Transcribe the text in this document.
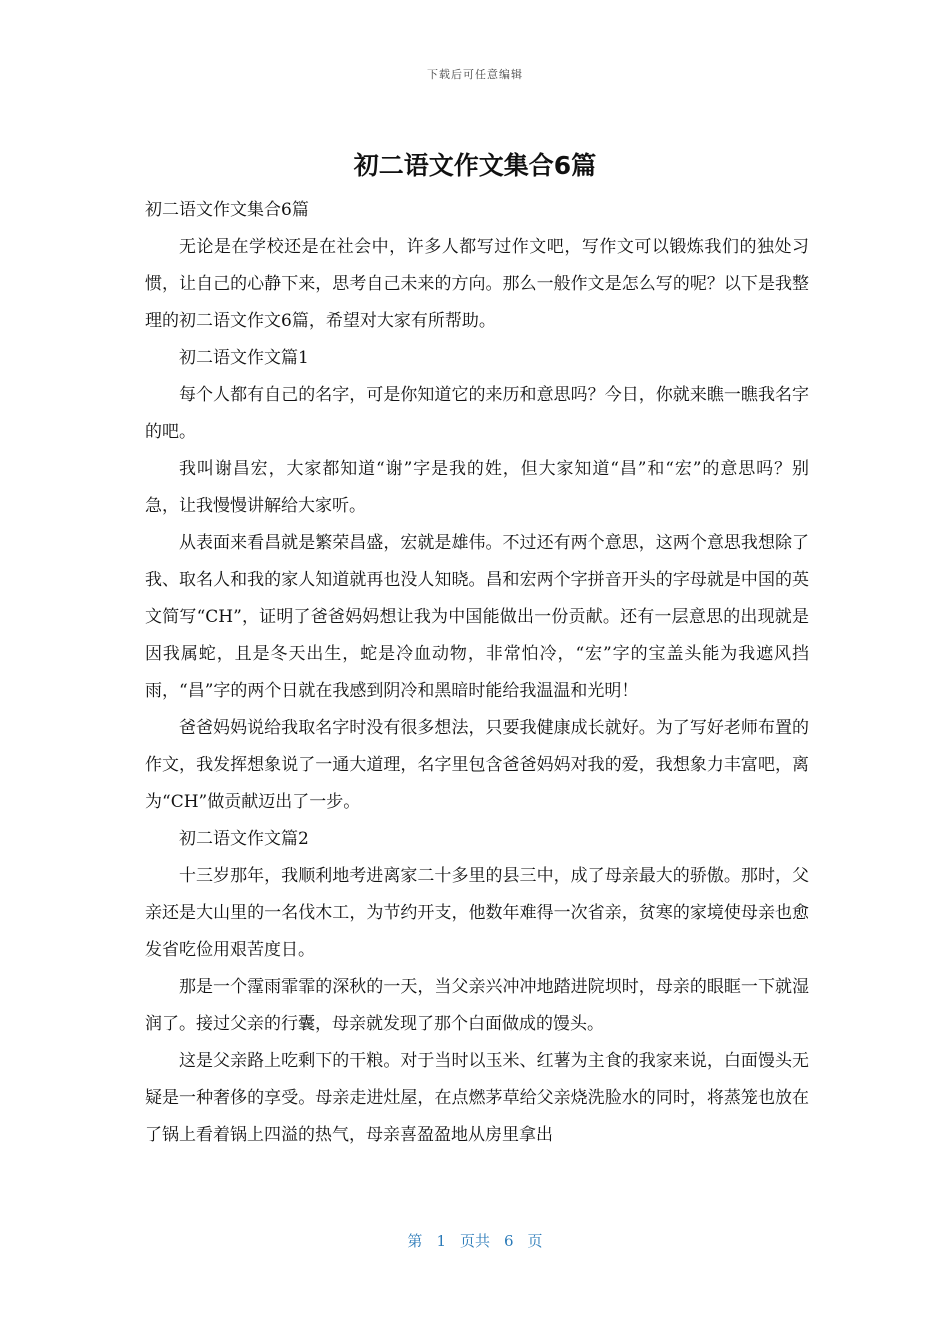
下载后可任意编辑
初二语文作文集合6篇

初二语文作文集合6篇

无论是在学校还是在社会中，许多人都写过作文吧，写作文可以锻炼我们的独处习惯，让自己的心静下来，思考自己未来的方向。那么一般作文是怎么写的呢？以下是我整理的初二语文作文6篇，希望对大家有所帮助。

初二语文作文篇1

每个人都有自己的名字，可是你知道它的来历和意思吗？今日，你就来瞧一瞧我名字的吧。

我叫谢昌宏，大家都知道“谢”字是我的姓，但大家知道“昌”和“宏”的意思吗？别急，让我慢慢讲解给大家听。

从表面来看昌就是繁荣昌盛，宏就是雄伟。不过还有两个意思，这两个意思我想除了我、取名人和我的家人知道就再也没人知晓。昌和宏两个字拼音开头的字母就是中国的英文简写“CH”，证明了爸爸妈妈想让我为中国能做出一份贡献。还有一层意思的出现就是因我属蛇，且是冬天出生，蛇是冷血动物，非常怕冷，“宏”字的宝盖头能为我遮风挡雨，“昌”字的两个日就在我感到阴冷和黑暗时能给我温温和光明！

爸爸妈妈说给我取名字时没有很多想法，只要我健康成长就好。为了写好老师布置的作文，我发挥想象说了一通大道理，名字里包含爸爸妈妈对我的爱，我想象力丰富吧，离为“CH”做贡献迈出了一步。

初二语文作文篇2

十三岁那年，我顺利地考进离家二十多里的县三中，成了母亲最大的骄傲。那时，父亲还是大山里的一名伐木工，为节约开支，他数年难得一次省亲，贫寒的家境使母亲也愈发省吃俭用艰苦度日。

那是一个霪雨霏霏的深秋的一天，当父亲兴冲冲地踏进院坝时，母亲的眼眶一下就湿润了。接过父亲的行囊，母亲就发现了那个白面做成的馒头。

这是父亲路上吃剩下的干粮。对于当时以玉米、红薯为主食的我家来说，白面馒头无疑是一种奢侈的享受。母亲走进灶屋，在点燃茅草给父亲烧洗脸水的同时，将蒸笼也放在了锅上看着锅上四溢的热气，母亲喜盈盈地从房里拿出

第 1 页共 6 页
